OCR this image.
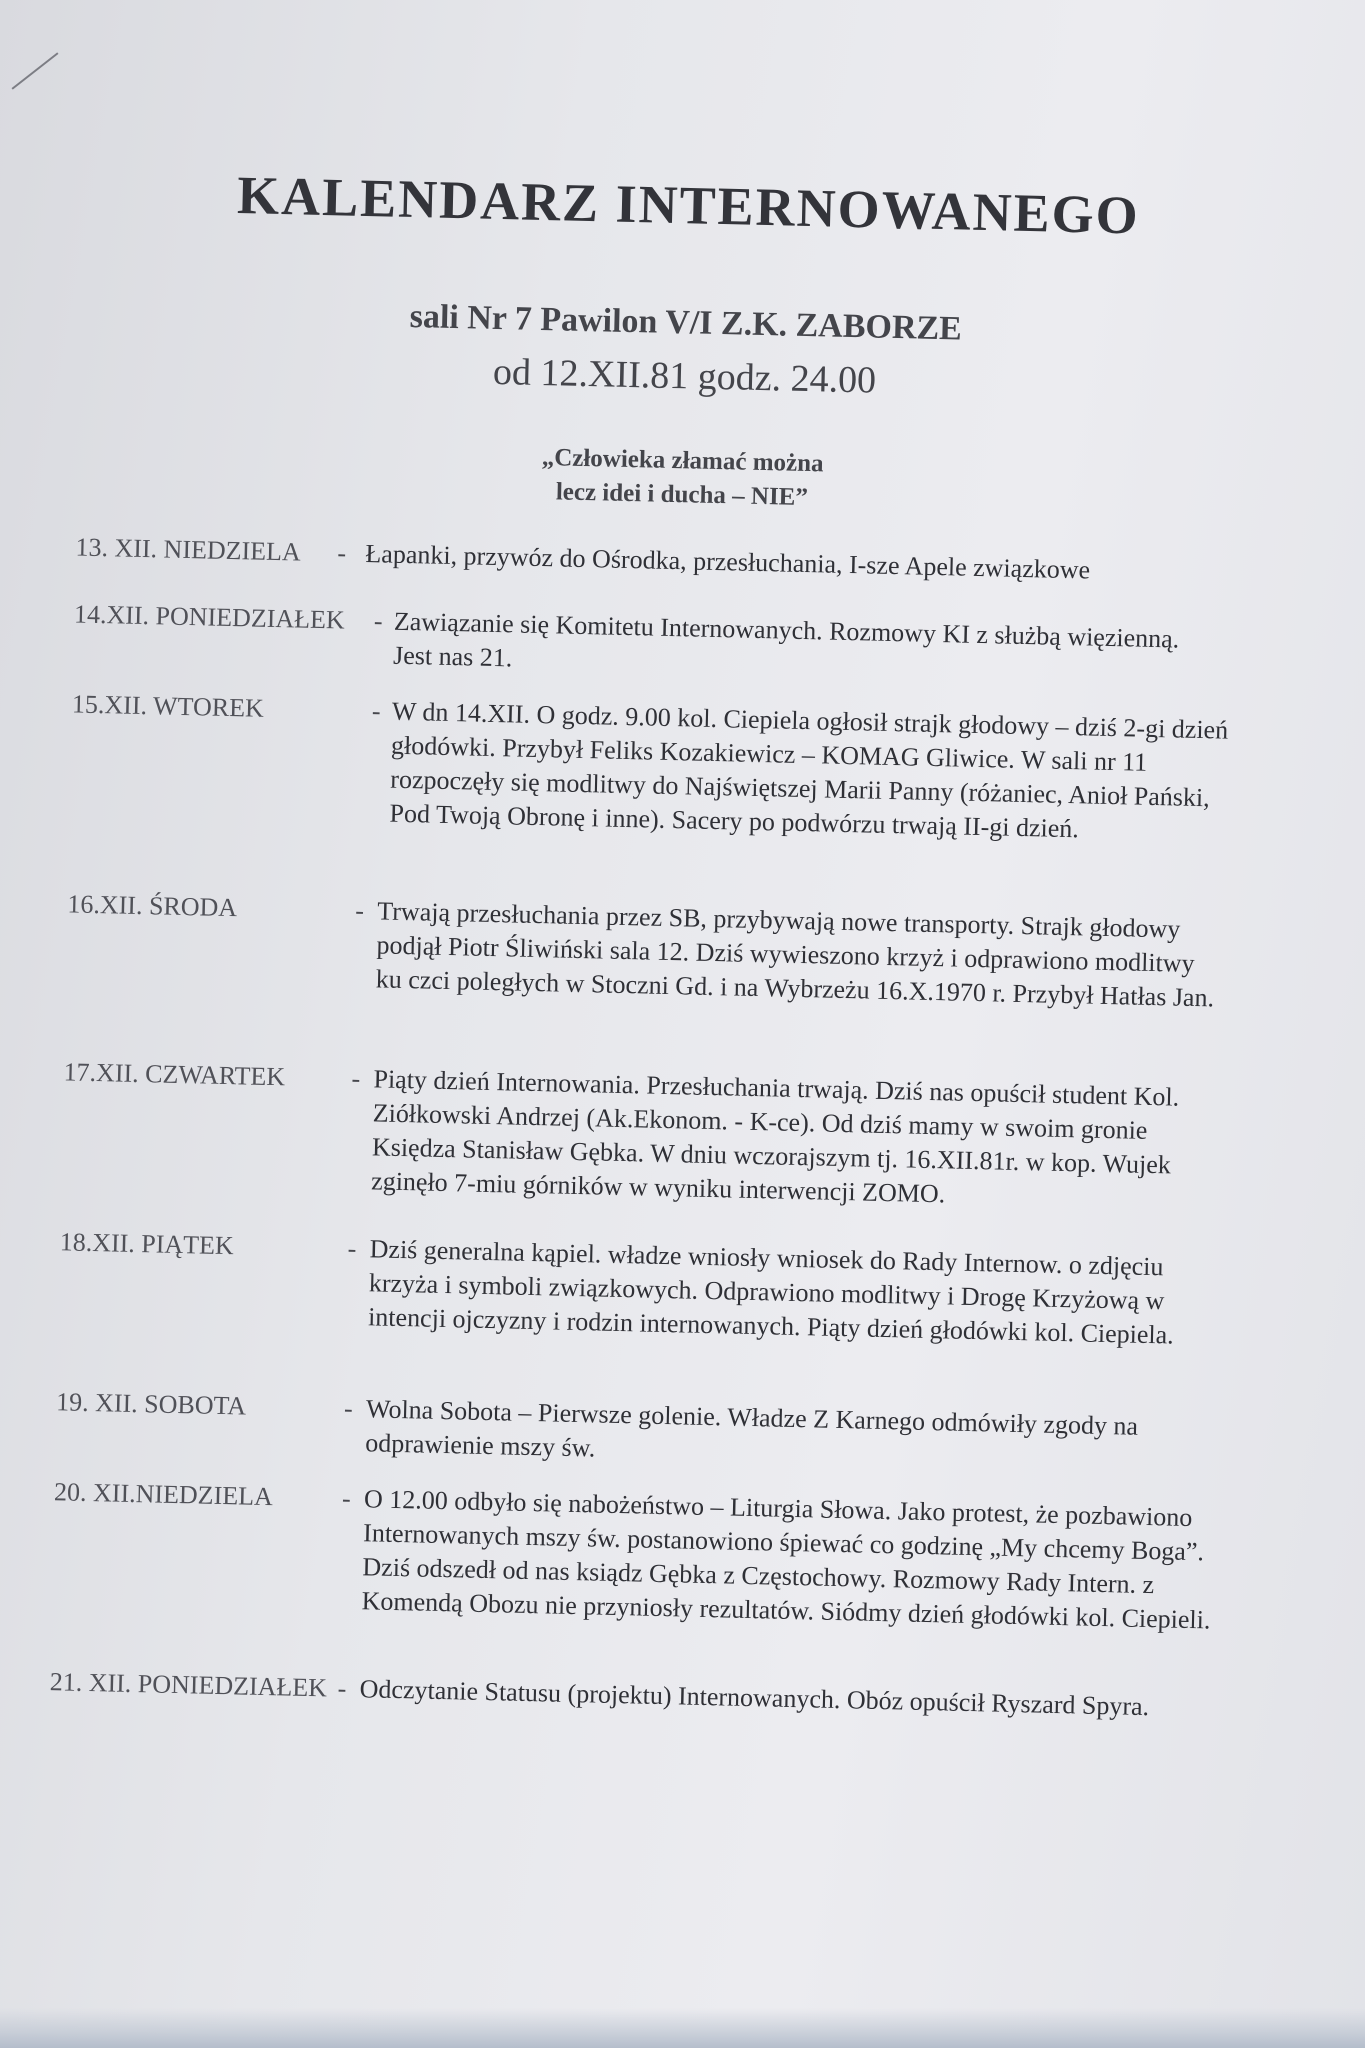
KALENDARZ INTERNOWANEGO
sali Nr 7 Pawilon V/I Z.K. ZABORZE
od 12.XII.81 godz. 24.00
„Człowieka złamać można
lecz idei i ducha – NIE”
13. XII. NIEDZIELA	- Łapanki, przywóz do Ośrodka, przesłuchania, I-sze Apele związkowe
14.XII. PONIEDZIAŁEK	- Zawiązanie się Komitetu Internowanych. Rozmowy KI z służbą więzienną. Jest nas 21.
15.XII. WTOREK	- W dn 14.XII. O godz. 9.00 kol. Ciepiela ogłosił strajk głodowy – dziś 2-gi dzień głodówki. Przybył Feliks Kozakiewicz – KOMAG Gliwice. W sali nr 11 rozpoczęły się modlitwy do Najświętszej Marii Panny (różaniec, Anioł Pański, Pod Twoją Obronę i inne). Sacery po podwórzu trwają II-gi dzień.
16.XII. ŚRODA	- Trwają przesłuchania przez SB, przybywają nowe transporty. Strajk głodowy podjął Piotr Śliwiński sala 12. Dziś wywieszono krzyż i odprawiono modlitwy ku czci poległych w Stoczni Gd. i na Wybrzeżu 16.X.1970 r. Przybył Hatłas Jan.
17.XII. CZWARTEK	- Piąty dzień Internowania. Przesłuchania trwają. Dziś nas opuścił student Kol. Ziółkowski Andrzej (Ak.Ekonom. - K-ce). Od dziś mamy w swoim gronie Księdza Stanisław Gębka. W dniu wczorajszym tj. 16.XII.81r. w kop. Wujek zginęło 7-miu górników w wyniku interwencji ZOMO.
18.XII. PIĄTEK	- Dziś generalna kąpiel. władze wniosły wniosek do Rady Internow. o zdjęciu krzyża i symboli związkowych. Odprawiono modlitwy i Drogę Krzyżową w intencji ojczyzny i rodzin internowanych. Piąty dzień głodówki kol. Ciepiela.
19. XII. SOBOTA	- Wolna Sobota – Pierwsze golenie. Władze Z Karnego odmówiły zgody na odprawienie mszy św.
20. XII.NIEDZIELA	- O 12.00 odbyło się nabożeństwo – Liturgia Słowa. Jako protest, że pozbawiono Internowanych mszy św. postanowiono śpiewać co godzinę „My chcemy Boga”. Dziś odszedł od nas ksiądz Gębka z Częstochowy. Rozmowy Rady Intern. z Komendą Obozu nie przyniosły rezultatów. Siódmy dzień głodówki kol. Ciepieli.
21. XII. PONIEDZIAŁEK - Odczytanie Statusu (projektu) Internowanych. Obóz opuścił Ryszard Spyra.
